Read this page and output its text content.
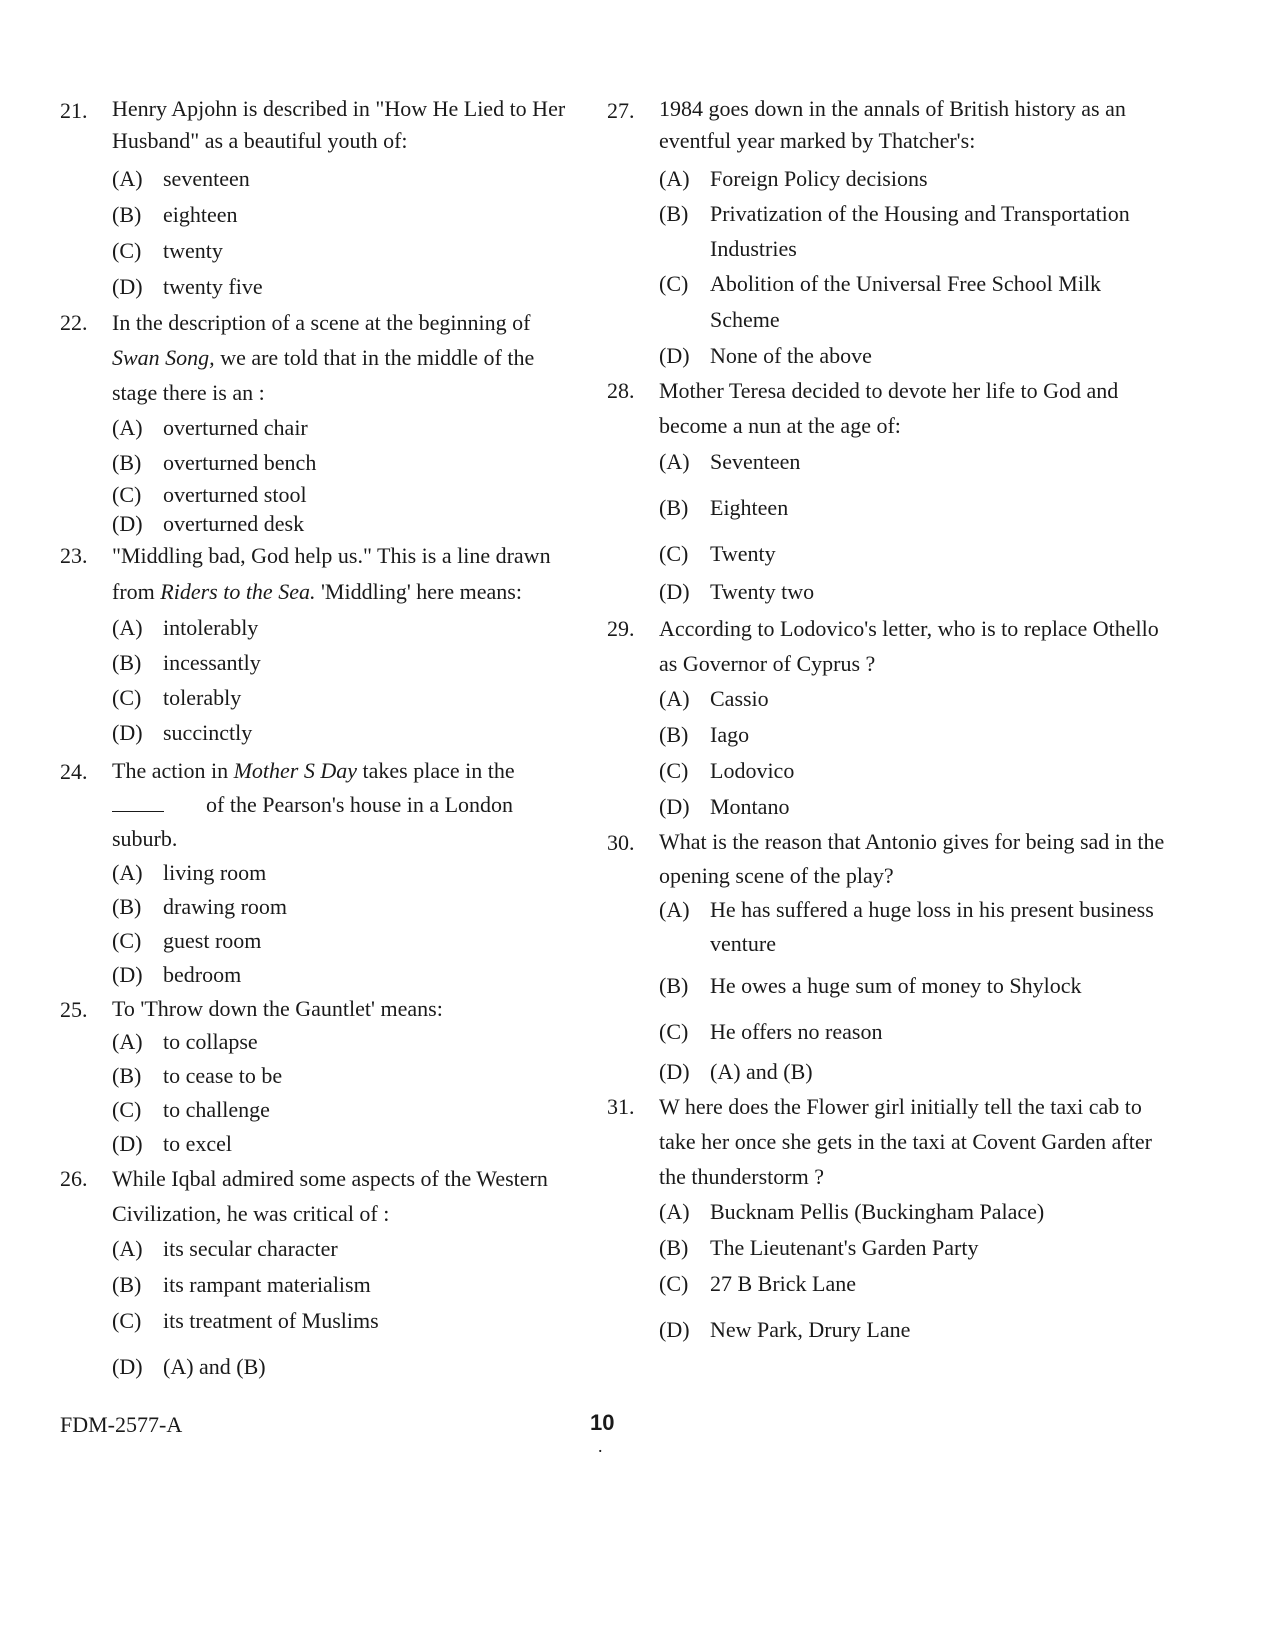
21. Henry Apjohn is described in "How He Lied to Her Husband" as a beautiful youth of:
(A) seventeen
(B) eighteen
(C) twenty
(D) twenty five
22. In the description of a scene at the beginning of Swan Song, we are told that in the middle of the stage there is an :
(A) overturned chair
(B) overturned bench
(C) overturned stool
(D) overturned desk
23. "Middling bad, God help us." This is a line drawn from Riders to the Sea. 'Middling' here means:
(A) intolerably
(B) incessantly
(C) tolerably
(D) succinctly
24. The action in Mother S Day takes place in the
of the Pearson's house in a London suburb.
(A) living room
(B) drawing room
(C) guest room
(D) bedroom
25. To 'Throw down the Gauntlet' means:
(A) to collapse
(B) to cease to be
(C) to challenge
(D) to excel
26. While Iqbal admired some aspects of the Western Civilization, he was critical of :
(A) its secular character
(B) its rampant materialism
(C) its treatment of Muslims
(D) (A) and (B)
27. 1984 goes down in the annals of British history as an eventful year marked by Thatcher's:
(A) Foreign Policy decisions
(B) Privatization of the Housing and Transportation Industries
(C) Abolition of the Universal Free School Milk Scheme
(D) None of the above
28. Mother Teresa decided to devote her life to God and become a nun at the age of:
(A) Seventeen
(B) Eighteen
(C) Twenty
(D) Twenty two
29. According to Lodovico's letter, who is to replace Othello as Governor of Cyprus ?
(A) Cassio
(B) Iago
(C) Lodovico
(D) Montano
30. What is the reason that Antonio gives for being sad in the opening scene of the play?
(A) He has suffered a huge loss in his present business venture
(B) He owes a huge sum of money to Shylock
(C) He offers no reason
(D) (A) and (B)
31. W here does the Flower girl initially tell the taxi cab to take her once she gets in the taxi at Covent Garden after the thunderstorm ?
(A) Bucknam Pellis (Buckingham Palace)
(B) The Lieutenant's Garden Party
(C) 27 B Brick Lane
(D) New Park, Drury Lane
FDM-2577-A	10
.
